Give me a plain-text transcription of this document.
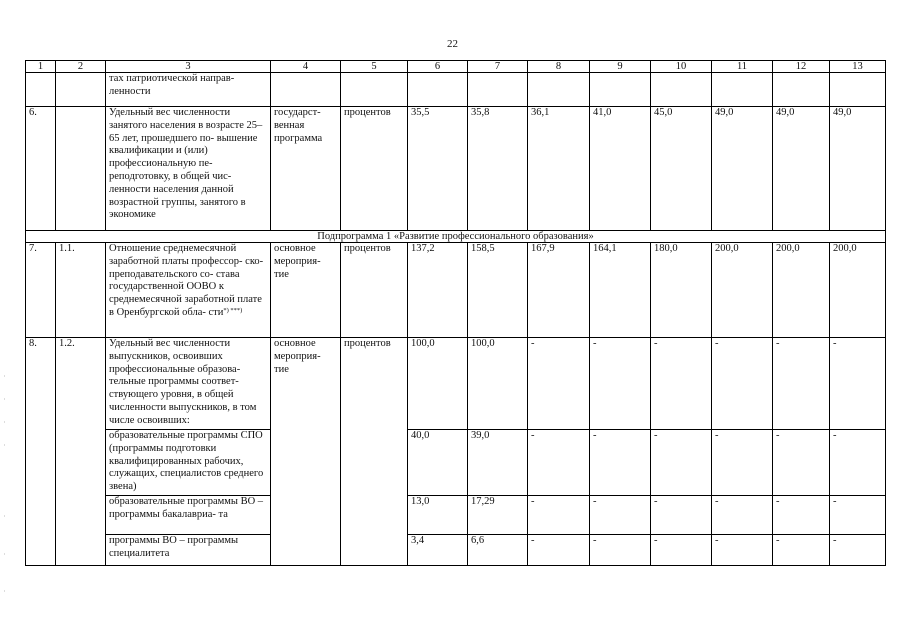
22
1	2	3	4	5	6	7	8	9	10	11	12	13
		тах патриотической направ- ленности										
6.		Удельный вес численности занятого населения в возрасте 25–65 лет, прошедшего по- вышение квалификации и (или) профессиональную пе- реподготовку, в общей чис- ленности населения данной возрастной группы, занятого в экономике	государст- венная программа	процентов	35,5	35,8	36,1	41,0	45,0	49,0	49,0	49,0
Подпрограмма 1 «Развитие профессионального образования»												
7.	1.1.	Отношение среднемесячной заработной платы профессор- ско-преподавательского со- става государственной ООВО к среднемесячной заработной плате в Оренбургской обла- сти*) ***)	основное мероприя- тие	процентов	137,2	158,5	167,9	164,1	180,0	200,0	200,0	200,0
8.	1.2.	Удельный вес численности выпускников, освоивших профессиональные образова- тельные программы соответ- ствующего уровня, в общей численности выпускников, в том числе освоивших:	основное мероприя- тие	процентов	100,0	100,0	-	-	-	-	-	-
		образовательные программы СПО (программы подготовки квалифицированных рабочих, служащих, специалистов среднего звена)			40,0	39,0	-	-	-	-	-	-
		образовательные программы ВО – программы бакалавриа- та			13,0	17,29	-	-	-	-	-	-
		программы ВО – программы специалитета			3,4	6,6	-	-	-	-	-	-
